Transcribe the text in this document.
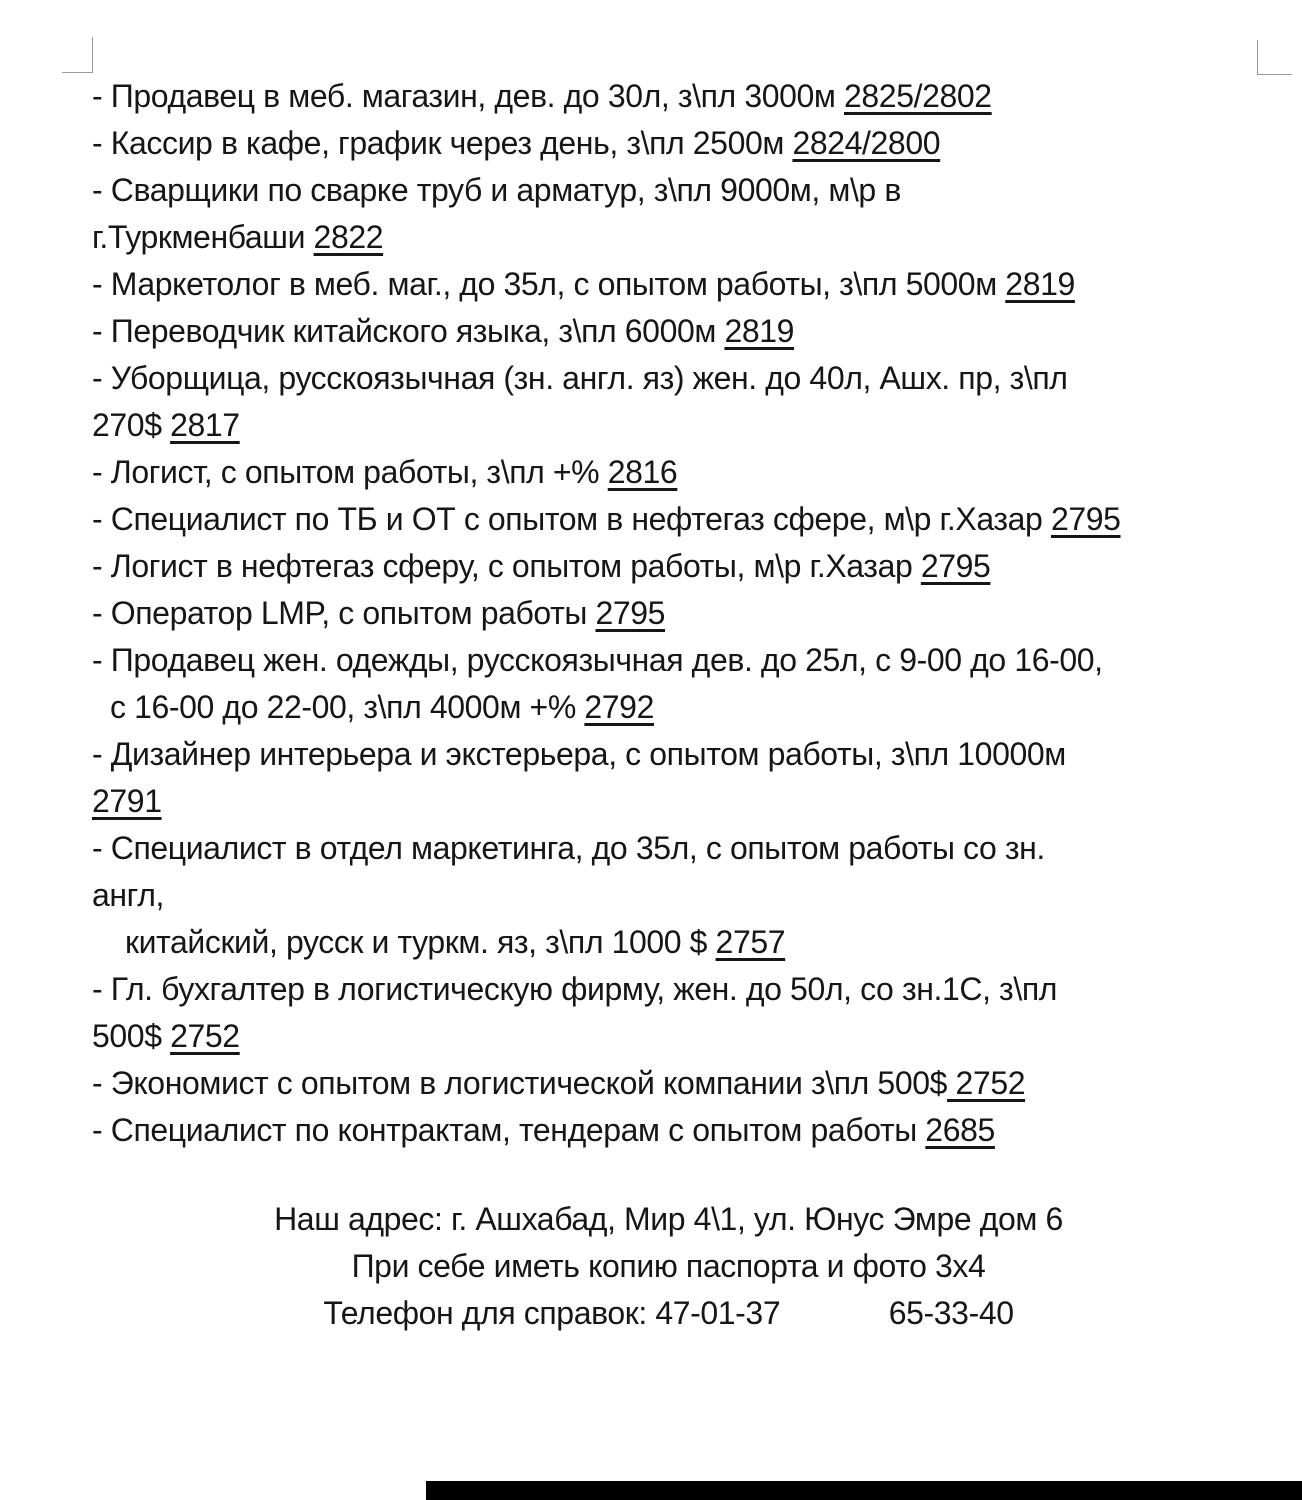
- Продавец в меб. магазин, дев. до 30л, з\пл 3000м 2825/2802
- Кассир в кафе, график через день, з\пл 2500м 2824/2800
- Сварщики по сварке труб и арматур, з\пл 9000м, м\р в
г.Туркменбаши 2822
- Маркетолог в меб. маг., до 35л, с опытом работы, з\пл 5000м 2819
- Переводчик китайского языка, з\пл 6000м 2819
- Уборщица, русскоязычная (зн. англ. яз) жен. до 40л, Ашх. пр, з\пл
270$ 2817
- Логист, с опытом работы, з\пл +% 2816
- Специалист по ТБ и ОТ с опытом в нефтегаз сфере, м\р г.Хазар 2795
- Логист в нефтегаз сферу, с опытом работы, м\р г.Хазар 2795
- Оператор LMP, с опытом работы 2795
- Продавец жен. одежды, русскоязычная дев. до 25л, с 9-00 до 16-00,
с 16-00 до 22-00, з\пл 4000м +% 2792
- Дизайнер интерьера и экстерьера, с опытом работы, з\пл 10000м
2791
- Специалист в отдел маркетинга, до 35л, с опытом работы со зн.
англ,
китайский, русск и туркм. яз, з\пл 1000 $ 2757
- Гл. бухгалтер в логистическую фирму, жен. до 50л, со зн.1С, з\пл
500$ 2752
- Экономист с опытом в логистической компании з\пл 500$ 2752
- Специалист по контрактам, тендерам с опытом работы 2685
Наш адрес: г. Ашхабад, Мир 4\1, ул. Юнус Эмре дом 6
При себе иметь копию паспорта и фото 3х4
Телефон для справок: 47-01-37	65-33-40
